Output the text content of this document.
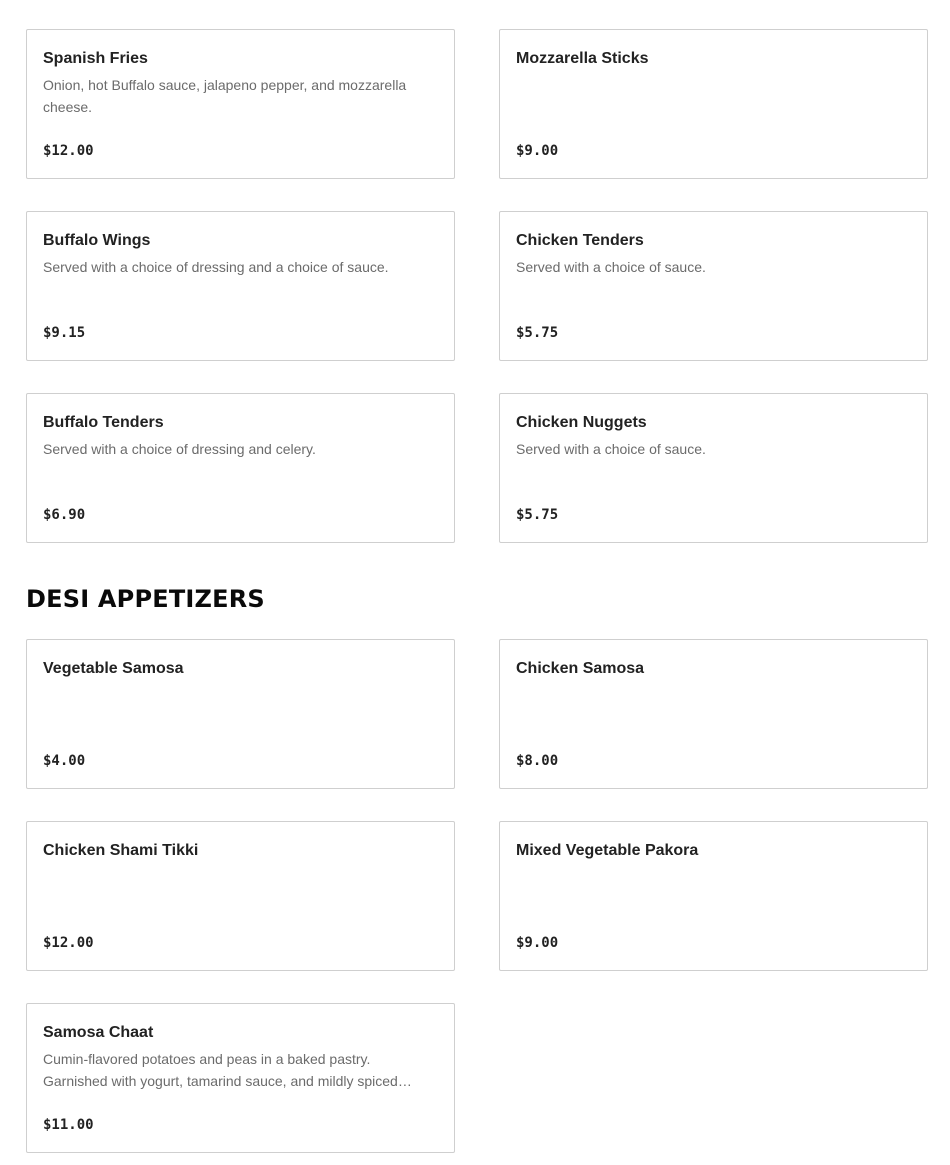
Spanish Fries
Onion, hot Buffalo sauce, jalapeno pepper, and mozzarella cheese.
$12.00
Mozzarella Sticks
$9.00
Buffalo Wings
Served with a choice of dressing and a choice of sauce.
$9.15
Chicken Tenders
Served with a choice of sauce.
$5.75
Buffalo Tenders
Served with a choice of dressing and celery.
$6.90
Chicken Nuggets
Served with a choice of sauce.
$5.75
DESI APPETIZERS
Vegetable Samosa
$4.00
Chicken Samosa
$8.00
Chicken Shami Tikki
$12.00
Mixed Vegetable Pakora
$9.00
Samosa Chaat
Cumin-flavored potatoes and peas in a baked pastry. Garnished with yogurt, tamarind sauce, and mildly spiced…
$11.00
